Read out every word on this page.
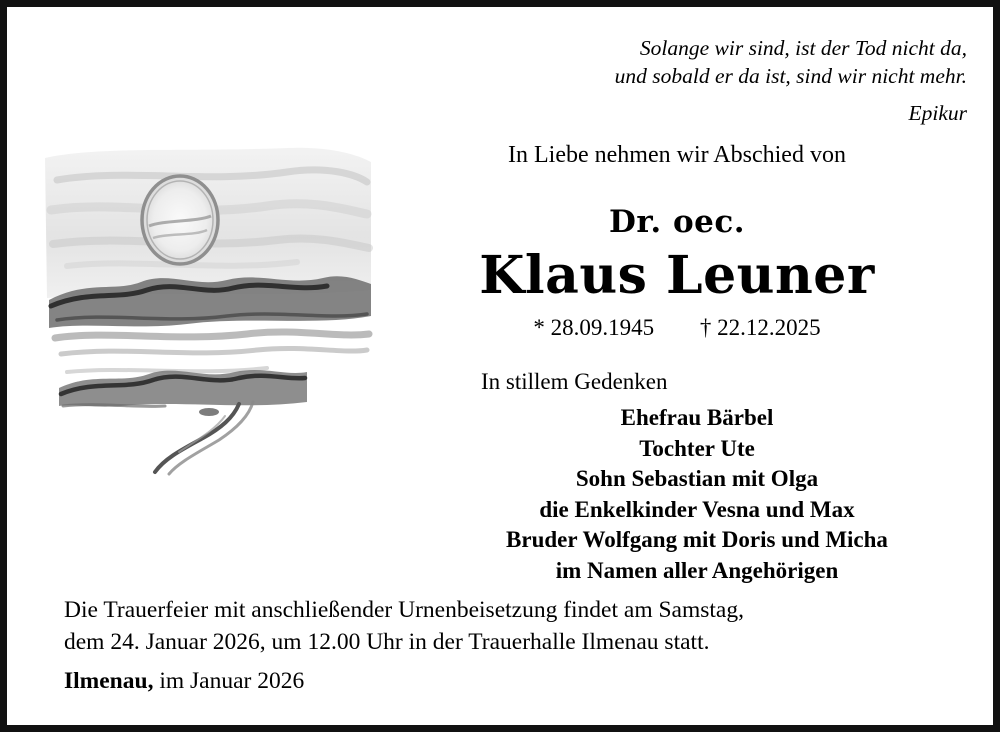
Solange wir sind, ist der Tod nicht da,
und sobald er da ist, sind wir nicht mehr.
Epikur
In Liebe nehmen wir Abschied von
Dr. oec.
Klaus Leuner
* 28.09.1945 † 22.12.2025
In stillem Gedenken
Ehefrau Bärbel
Tochter Ute
Sohn Sebastian mit Olga
die Enkelkinder Vesna und Max
Bruder Wolfgang mit Doris und Micha
im Namen aller Angehörigen
Die Trauerfeier mit anschließender Urnenbeisetzung findet am Samstag,
dem 24. Januar 2026, um 12.00 Uhr in der Trauerhalle Ilmenau statt.
Ilmenau, im Januar 2026
